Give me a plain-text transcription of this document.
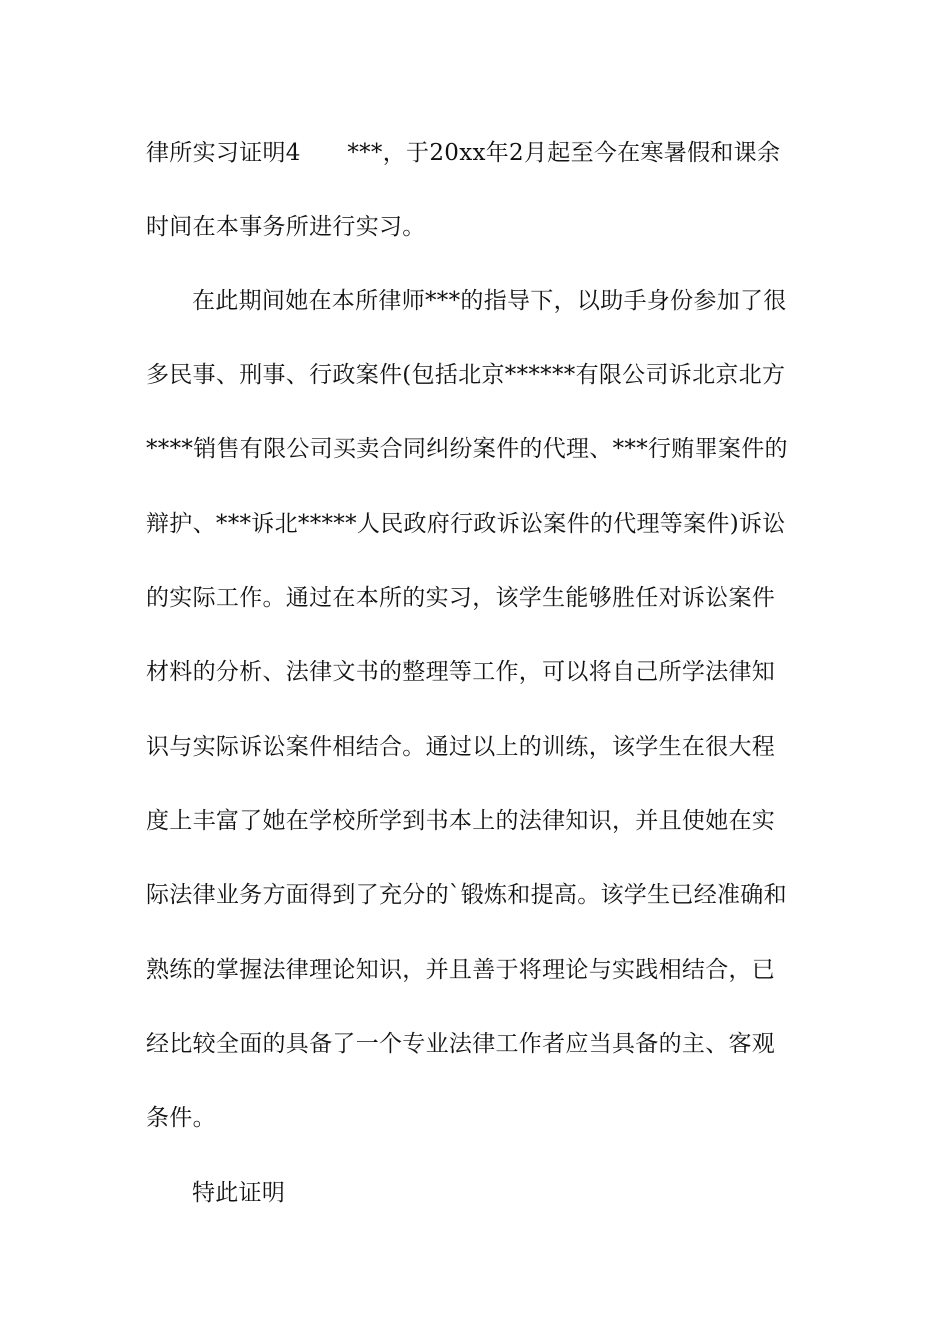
律所实习证明4　　***，于20xx年2月起至今在寒暑假和课余
时间在本事务所进行实习。
在此期间她在本所律师***的指导下，以助手身份参加了很
多民事、刑事、行政案件(包括北京******有限公司诉北京北方
****销售有限公司买卖合同纠纷案件的代理、***行贿罪案件的
辩护、***诉北*****人民政府行政诉讼案件的代理等案件)诉讼
的实际工作。通过在本所的实习，该学生能够胜任对诉讼案件
材料的分析、法律文书的整理等工作，可以将自己所学法律知
识与实际诉讼案件相结合。通过以上的训练，该学生在很大程
度上丰富了她在学校所学到书本上的法律知识，并且使她在实
际法律业务方面得到了充分的`锻炼和提高。该学生已经准确和
熟练的掌握法律理论知识，并且善于将理论与实践相结合，已
经比较全面的具备了一个专业法律工作者应当具备的主、客观
条件。
特此证明
